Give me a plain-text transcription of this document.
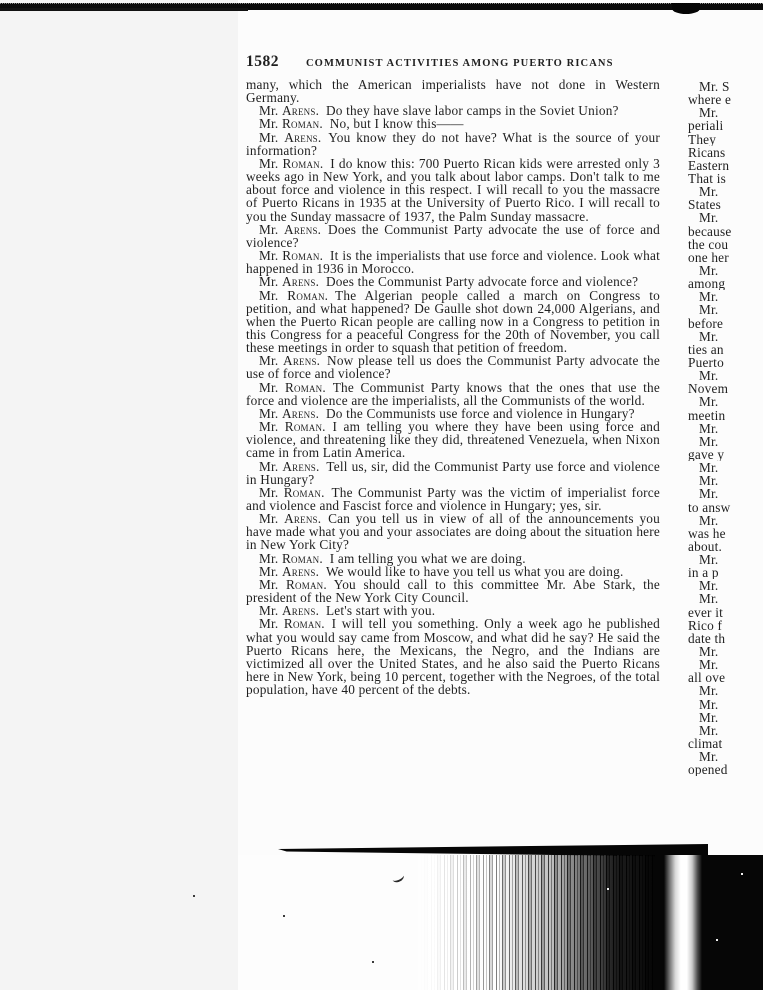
1582	COMMUNIST ACTIVITIES AMONG PUERTO RICANS

many, which the American imperialists have not done in Western Germany.

Mr. Arens. Do they have slave labor camps in the Soviet Union?

Mr. Roman. No, but I know this——

Mr. Arens. You know they do not have? What is the source of your information?

Mr. Roman. I do know this: 700 Puerto Rican kids were arrested only 3 weeks ago in New York, and you talk about labor camps. Don't talk to me about force and violence in this respect. I will recall to you the massacre of Puerto Ricans in 1935 at the University of Puerto Rico. I will recall to you the Sunday massacre of 1937, the Palm Sunday massacre.

Mr. Arens. Does the Communist Party advocate the use of force and violence?

Mr. Roman. It is the imperialists that use force and violence. Look what happened in 1936 in Morocco.

Mr. Arens. Does the Communist Party advocate force and violence?

Mr. Roman. The Algerian people called a march on Congress to petition, and what happened? De Gaulle shot down 24,000 Algerians, and when the Puerto Rican people are calling now in a Congress to petition in this Congress for a peaceful Congress for the 20th of November, you call these meetings in order to squash that petition of freedom.

Mr. Arens. Now please tell us does the Communist Party advocate the use of force and violence?

Mr. Roman. The Communist Party knows that the ones that use the force and violence are the imperialists, all the Communists of the world.

Mr. Arens. Do the Communists use force and violence in Hungary?

Mr. Roman. I am telling you where they have been using force and violence, and threatening like they did, threatened Venezuela, when Nixon came in from Latin America.

Mr. Arens. Tell us, sir, did the Communist Party use force and violence in Hungary?

Mr. Roman. The Communist Party was the victim of imperialist force and violence and Fascist force and violence in Hungary; yes, sir.

Mr. Arens. Can you tell us in view of all of the announcements you have made what you and your associates are doing about the situation here in New York City?

Mr. Roman. I am telling you what we are doing.

Mr. Arens. We would like to have you tell us what you are doing.

Mr. Roman. You should call to this committee Mr. Abe Stark, the president of the New York City Council.

Mr. Arens. Let's start with you.

Mr. Roman. I will tell you something. Only a week ago he published what you would say came from Moscow, and what did he say? He said the Puerto Ricans here, the Mexicans, the Negro, and the Indians are victimized all over the United States, and he also said the Puerto Ricans here in New York, being 10 percent, together with the Negroes, of the total population, have 40 percent of the debts.

Mr. S
where e
Mr.
periali
They
Ricans
Eastern
That is
Mr.
States
Mr.
because
the cou
one her
Mr.
among
Mr.
Mr.
before
Mr.
ties an
Puerto
Mr.
Novem
Mr.
meetin
Mr.
Mr.
gave y
Mr.
Mr.
Mr.
to answ
Mr.
was he
about.
Mr.
in a p
Mr.
Mr.
ever it
Rico f
date th
Mr.
Mr.
all ove
Mr.
Mr.
Mr.
Mr.
climat
Mr.
opened
